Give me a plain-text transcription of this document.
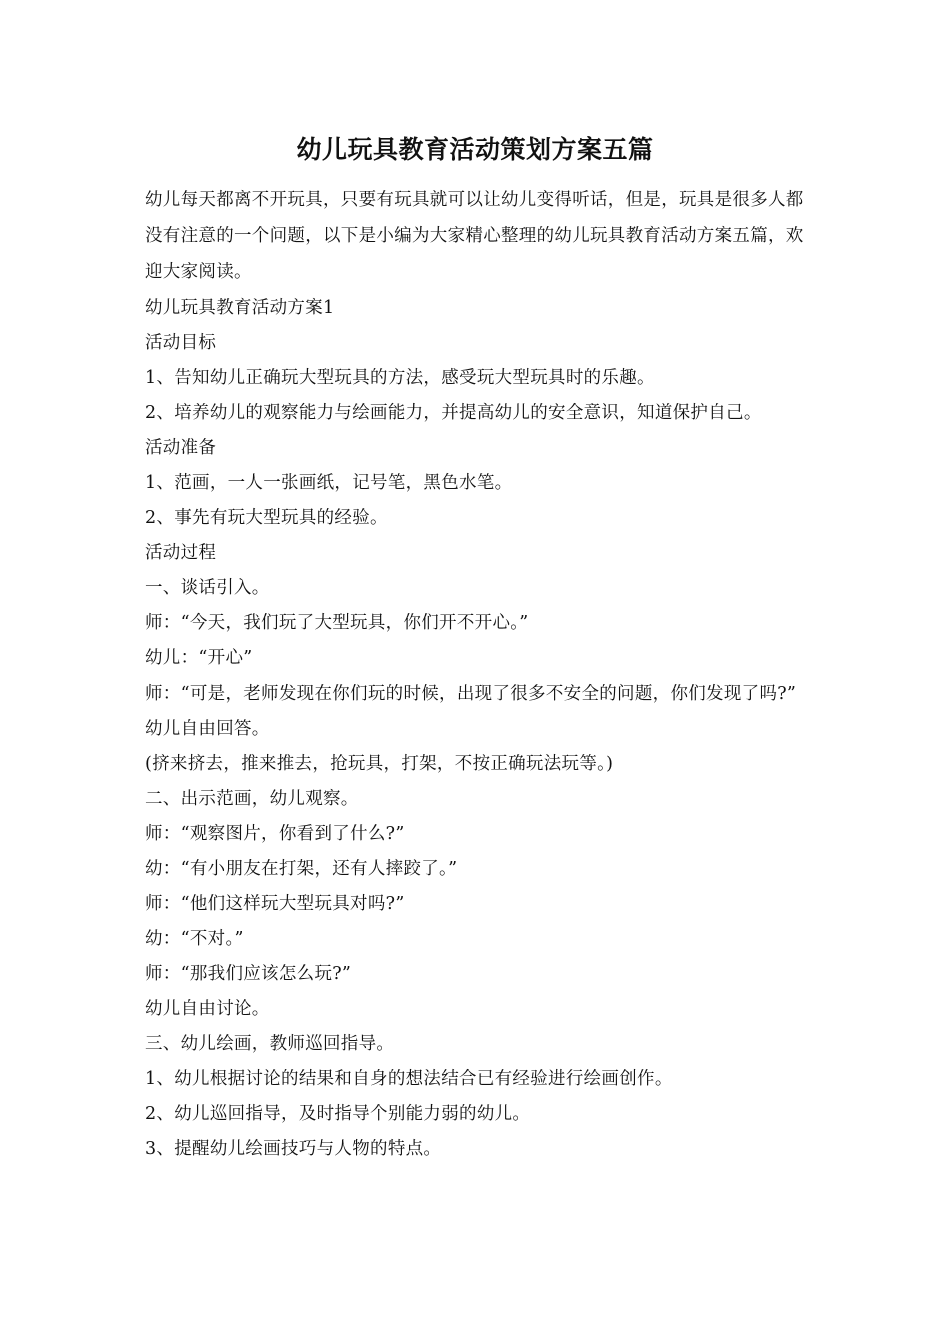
幼儿玩具教育活动策划方案五篇

幼儿每天都离不开玩具，只要有玩具就可以让幼儿变得听话，但是，玩具是很多人都没有注意的一个问题，以下是小编为大家精心整理的幼儿玩具教育活动方案五篇，欢迎大家阅读。

幼儿玩具教育活动方案1
活动目标
1、告知幼儿正确玩大型玩具的方法，感受玩大型玩具时的乐趣。
2、培养幼儿的观察能力与绘画能力，并提高幼儿的安全意识，知道保护自己。
活动准备
1、范画，一人一张画纸，记号笔，黑色水笔。
2、事先有玩大型玩具的经验。
活动过程
一、谈话引入。
师：“今天，我们玩了大型玩具，你们开不开心。”
幼儿：“开心”
师：“可是，老师发现在你们玩的时候，出现了很多不安全的问题，你们发现了吗?”
幼儿自由回答。
(挤来挤去，推来推去，抢玩具，打架，不按正确玩法玩等。)
二、出示范画，幼儿观察。
师：“观察图片，你看到了什么?”
幼：“有小朋友在打架，还有人摔跤了。”
师：“他们这样玩大型玩具对吗?”
幼：“不对。”
师：“那我们应该怎么玩?”
幼儿自由讨论。
三、幼儿绘画，教师巡回指导。
1、幼儿根据讨论的结果和自身的想法结合已有经验进行绘画创作。
2、幼儿巡回指导，及时指导个别能力弱的幼儿。
3、提醒幼儿绘画技巧与人物的特点。
